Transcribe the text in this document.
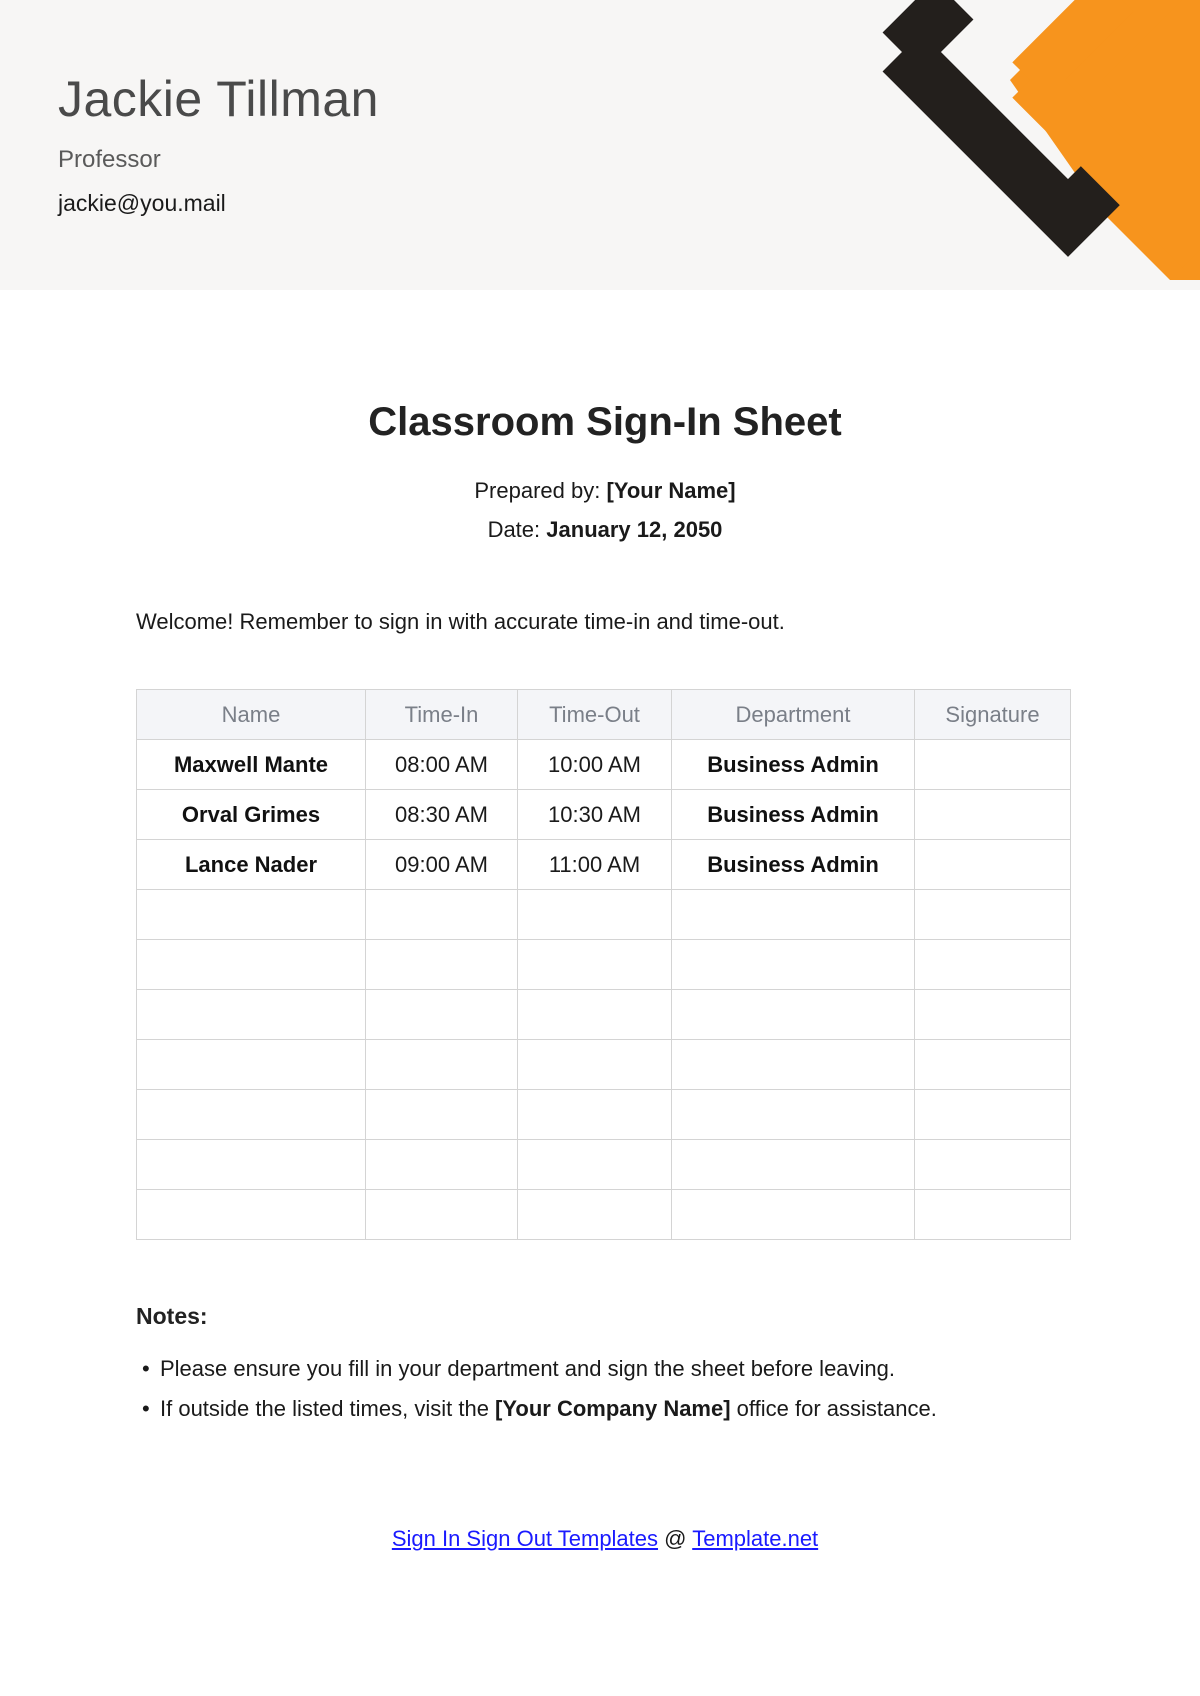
Jackie Tillman
Professor
jackie@you.mail
Classroom Sign-In Sheet
Prepared by: [Your Name]
Date: January 12, 2050
Welcome! Remember to sign in with accurate time-in and time-out.
Name	Time-In	Time-Out	Department	Signature
Maxwell Mante	08:00 AM	10:00 AM	Business Admin	
Orval Grimes	08:30 AM	10:30 AM	Business Admin	
Lance Nader	09:00 AM	11:00 AM	Business Admin	

Notes:
• Please ensure you fill in your department and sign the sheet before leaving.
• If outside the listed times, visit the [Your Company Name] office for assistance.
Sign In Sign Out Templates @ Template.net
